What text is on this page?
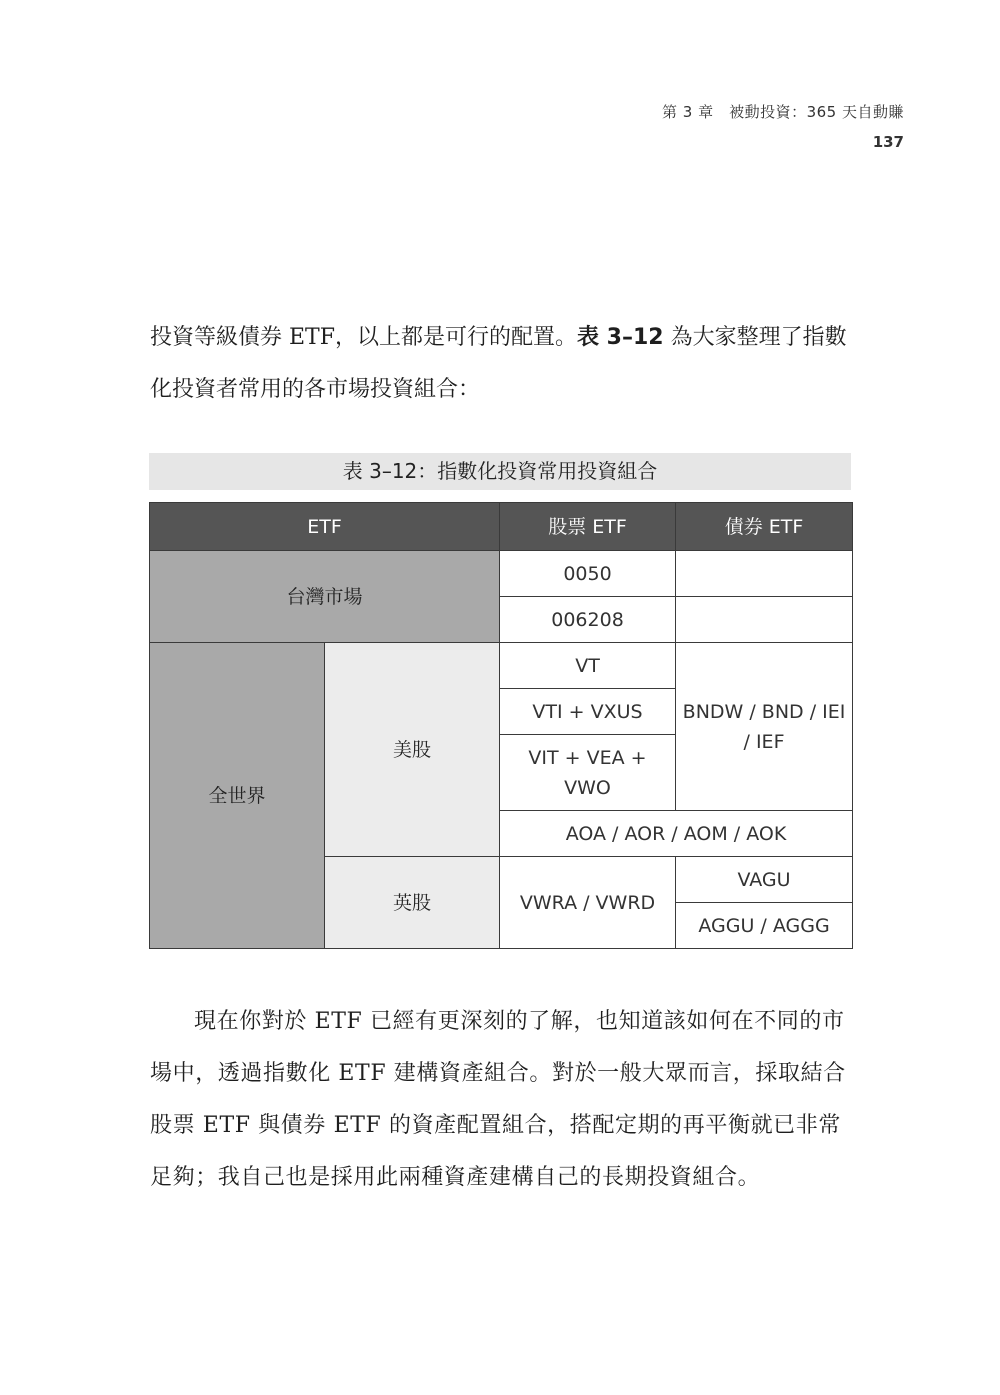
第 3 章　被動投資：365 天自動賺
137

投資等級債券 ETF，以上都是可行的配置。表 3–12 為大家整理了指數化投資者常用的各市場投資組合：

表 3–12：指數化投資常用投資組合
ETF		股票 ETF	債券 ETF
台灣市場		0050	
		006208	
全世界	美股	VT	BNDW / BND / IEI / IEF
		VTI + VXUS	
		VIT + VEA + VWO	
		AOA / AOR / AOM / AOK	
	英股	VWRA / VWRD	VAGU
			AGGU / AGGG

現在你對於 ETF 已經有更深刻的了解，也知道該如何在不同的市場中，透過指數化 ETF 建構資產組合。對於一般大眾而言，採取結合股票 ETF 與債券 ETF 的資產配置組合，搭配定期的再平衡就已非常足夠；我自己也是採用此兩種資產建構自己的長期投資組合。
